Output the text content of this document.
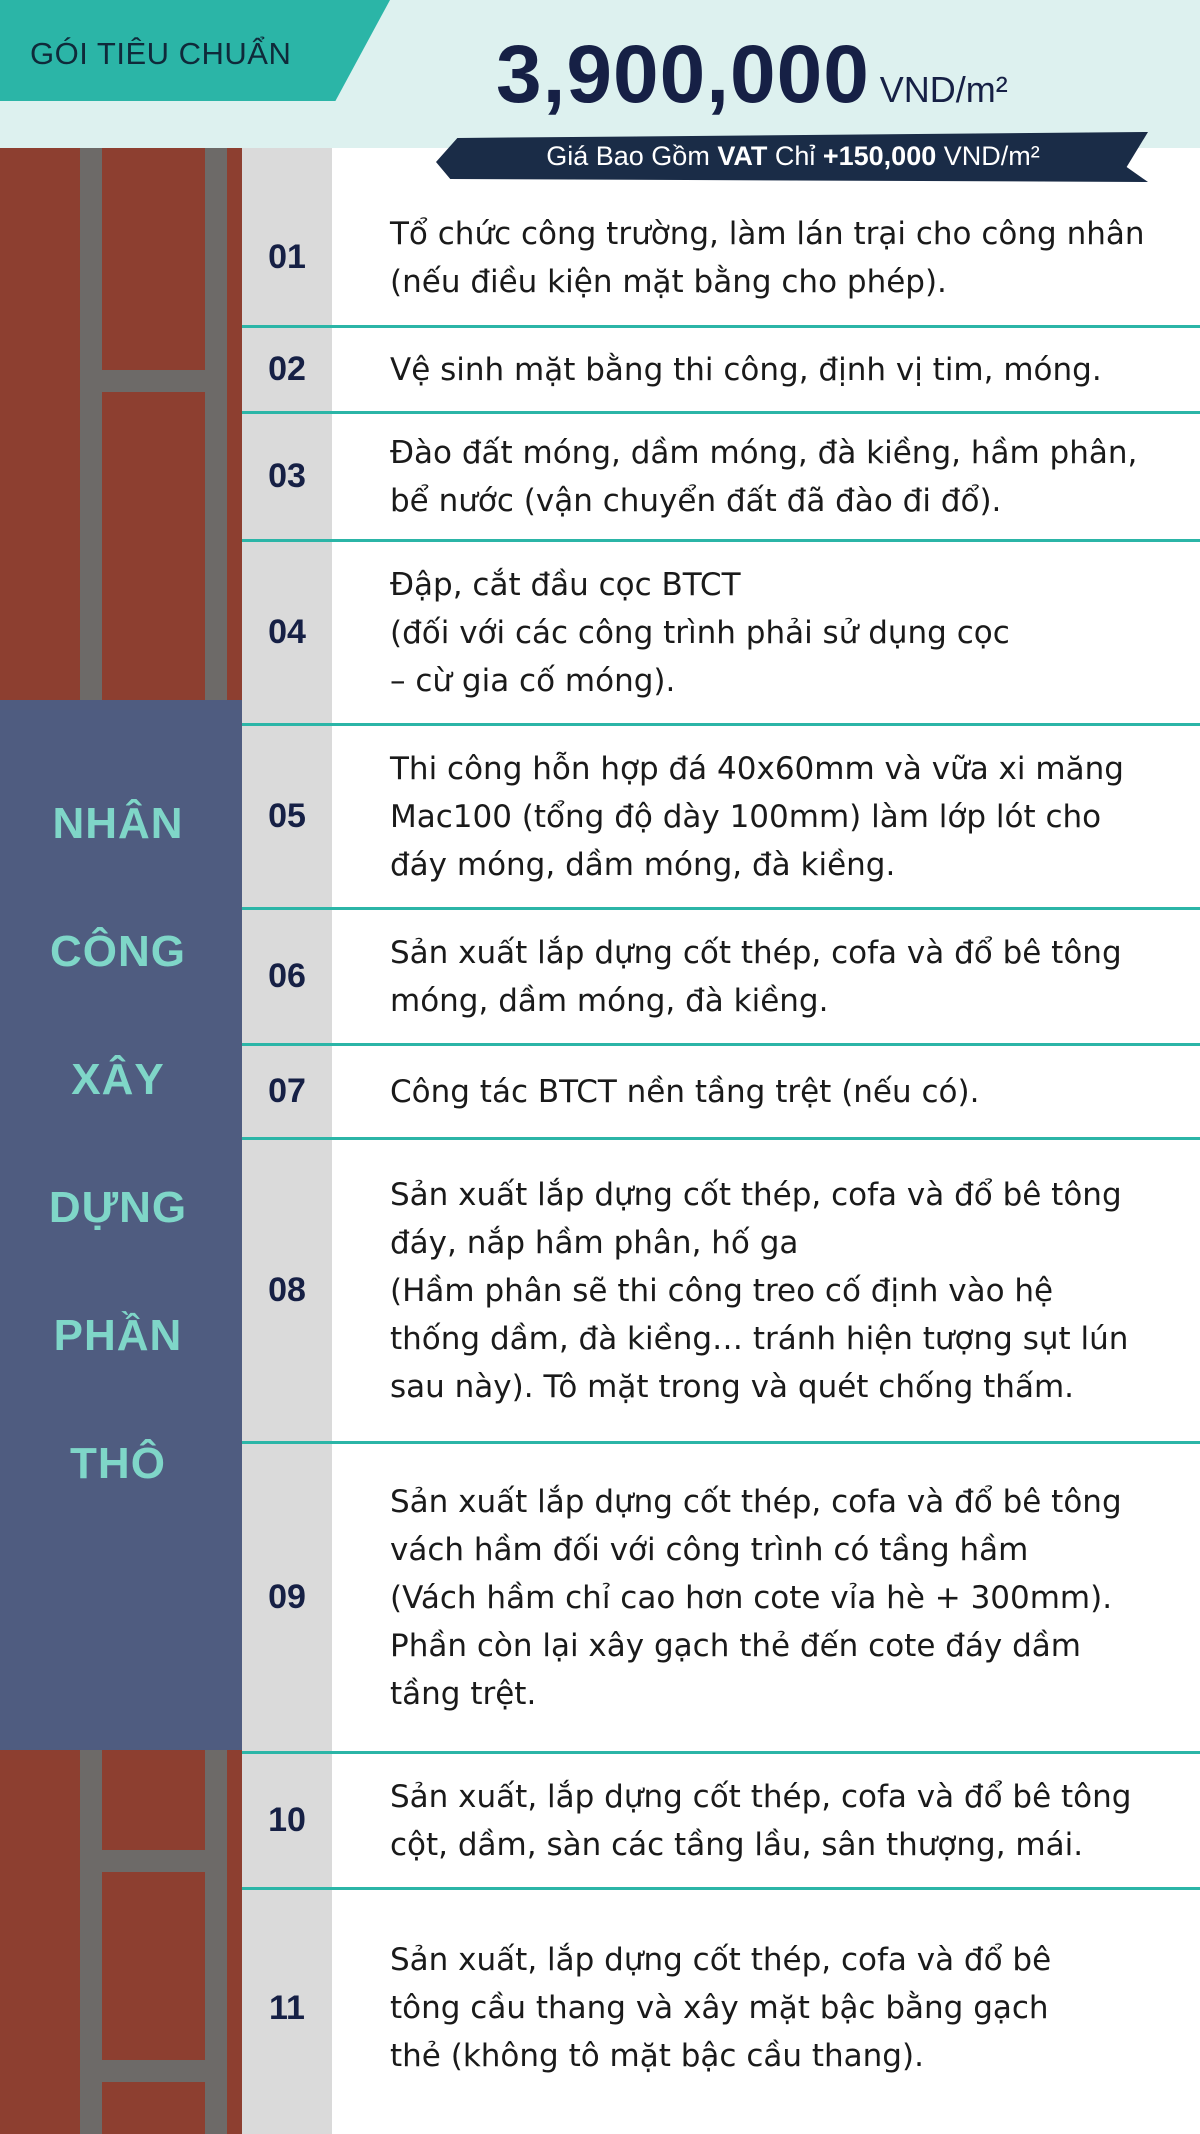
NHÂN
CÔNG
XÂY
DỰNG
PHẦN
THÔ
GÓI TIÊU CHUẨN 3,900,000 VND/m²
Giá Bao Gồm VAT Chỉ +150,000 VND/m²
01
Tổ chức công trường, làm lán trại cho công nhân
(nếu điều kiện mặt bằng cho phép).
02	Vệ sinh mặt bằng thi công, định vị tim, móng.
03
Đào đất móng, dầm móng, đà kiềng, hầm phân,
bể nước (vận chuyển đất đã đào đi đổ).
04
Đập, cắt đầu cọc BTCT
(đối với các công trình phải sử dụng cọc
– cừ gia cố móng).
05
Thi công hỗn hợp đá 40x60mm và vữa xi măng
Mac100 (tổng độ dày 100mm) làm lớp lót cho
đáy móng, dầm móng, đà kiềng.
06
Sản xuất lắp dựng cốt thép, cofa và đổ bê tông
móng, dầm móng, đà kiềng.
07	Công tác BTCT nền tầng trệt (nếu có).
08
Sản xuất lắp dựng cốt thép, cofa và đổ bê tông
đáy, nắp hầm phân, hố ga
(Hầm phân sẽ thi công treo cố định vào hệ
thống dầm, đà kiềng… tránh hiện tượng sụt lún
sau này). Tô mặt trong và quét chống thấm.
09
Sản xuất lắp dựng cốt thép, cofa và đổ bê tông
vách hầm đối với công trình có tầng hầm
(Vách hầm chỉ cao hơn cote vỉa hè + 300mm).
Phần còn lại xây gạch thẻ đến cote đáy dầm
tầng trệt.
10
Sản xuất, lắp dựng cốt thép, cofa và đổ bê tông
cột, dầm, sàn các tầng lầu, sân thượng, mái.
11
Sản xuất, lắp dựng cốt thép, cofa và đổ bê
tông cầu thang và xây mặt bậc bằng gạch
thẻ (không tô mặt bậc cầu thang).
